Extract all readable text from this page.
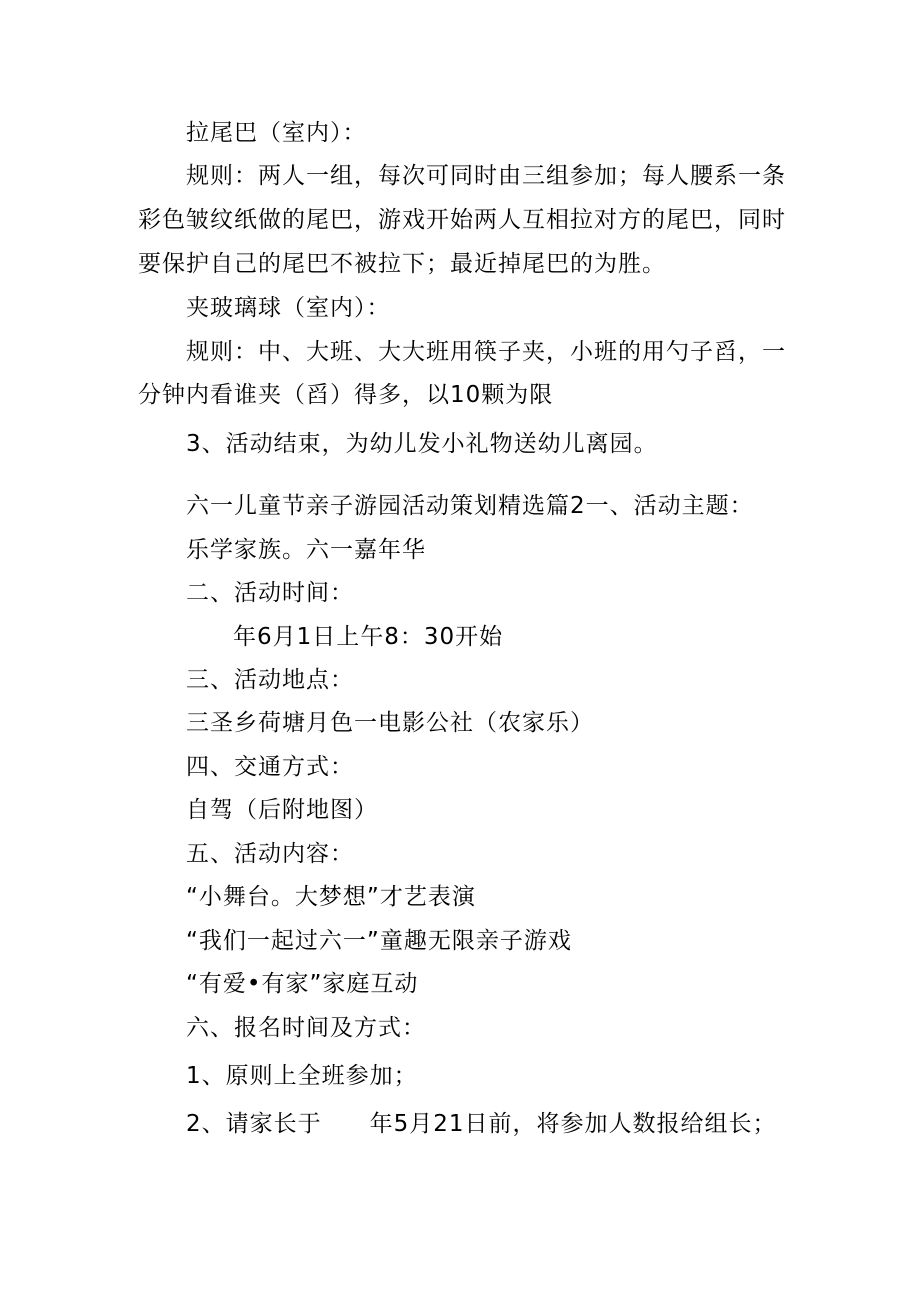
拉尾巴（室内）：

规则：两人一组，每次可同时由三组参加；每人腰系一条

彩色皱纹纸做的尾巴，游戏开始两人互相拉对方的尾巴，同时

要保护自己的尾巴不被拉下；最近掉尾巴的为胜。

夹玻璃球（室内）：

规则：中、大班、大大班用筷子夹，小班的用勺子舀，一

分钟内看谁夹（舀）得多，以10颗为限

3、活动结束，为幼儿发小礼物送幼儿离园。

六一儿童节亲子游园活动策划精选篇2一、活动主题：

乐学家族。六一嘉年华

二、活动时间：

年6月1日上午8：30开始

三、活动地点：

三圣乡荷塘月色一电影公社（农家乐）

四、交通方式：

自驾（后附地图）

五、活动内容：

“小舞台。大梦想”才艺表演

“我们一起过六一”童趣无限亲子游戏

“有爱•有家”家庭互动

六、报名时间及方式：

1、原则上全班参加；

2、请家长于　　年5月21日前，将参加人数报给组长；
